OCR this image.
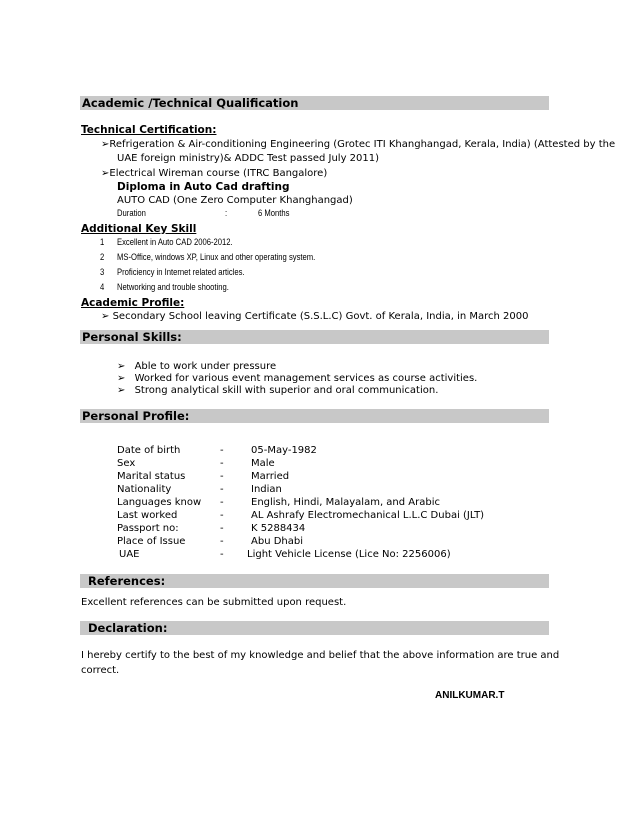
Academic /Technical Qualification
Technical Certification:
➢Refrigeration & Air-conditioning Engineering (Grotec ITI Khanghangad, Kerala, India) (Attested by the
UAE foreign ministry)& ADDC Test passed July 2011)
➢Electrical Wireman course (ITRC Bangalore)
Diploma in Auto Cad drafting
AUTO CAD (One Zero Computer Khanghangad)
Duration	:	6 Months
Additional Key Skill
1 Excellent in Auto CAD 2006-2012.
2 MS-Office, windows XP, Linux and other operating system.
3 Proficiency in Internet related articles.
4 Networking and trouble shooting.
Academic Profile:
➢ Secondary School leaving Certificate (S.S.L.C) Govt. of Kerala, India, in March 2000
Personal Skills:
➢ Able to work under pressure
➢ Worked for various event management services as course activities.
➢ Strong analytical skill with superior and oral communication.
Personal Profile:
Date of birth	-	05-May-1982
Sex	-	Male
Marital status	-	Married
Nationality	-	Indian
Languages know -	English, Hindi, Malayalam, and Arabic
Last worked	-	AL Ashrafy Electromechanical L.L.C Dubai (JLT)
Passport no:	-	K 5288434
Place of Issue	-	Abu Dhabi
UAE	- Light Vehicle License (Lice No: 2256006)
References:
Excellent references can be submitted upon request.
Declaration:
I hereby certify to the best of my knowledge and belief that the above information are true and
correct.
ANILKUMAR.T
